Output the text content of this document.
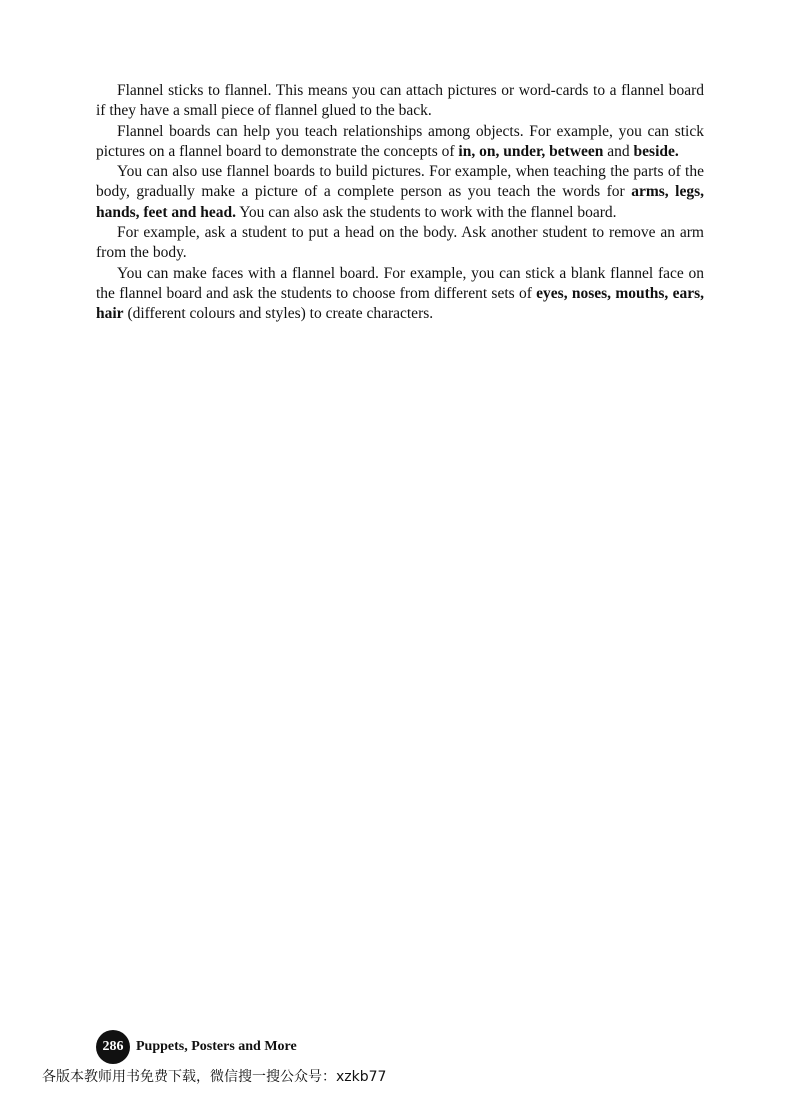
Flannel sticks to flannel. This means you can attach pictures or word-cards to a flannel board if they have a small piece of flannel glued to the back.

Flannel boards can help you teach relationships among objects. For example, you can stick pictures on a flannel board to demonstrate the concepts of in, on, under, between and beside.

You can also use flannel boards to build pictures. For example, when teaching the parts of the body, gradually make a picture of a complete person as you teach the words for arms, legs, hands, feet and head. You can also ask the students to work with the flannel board.

For example, ask a student to put a head on the body. Ask another student to remove an arm from the body.

You can make faces with a flannel board. For example, you can stick a blank flannel face on the flannel board and ask the students to choose from different sets of eyes, noses, mouths, ears, hair (different colours and styles) to create characters.

286 Puppets, Posters and More
各版本教师用书免费下载，微信搜一搜公众号：xzkb77
